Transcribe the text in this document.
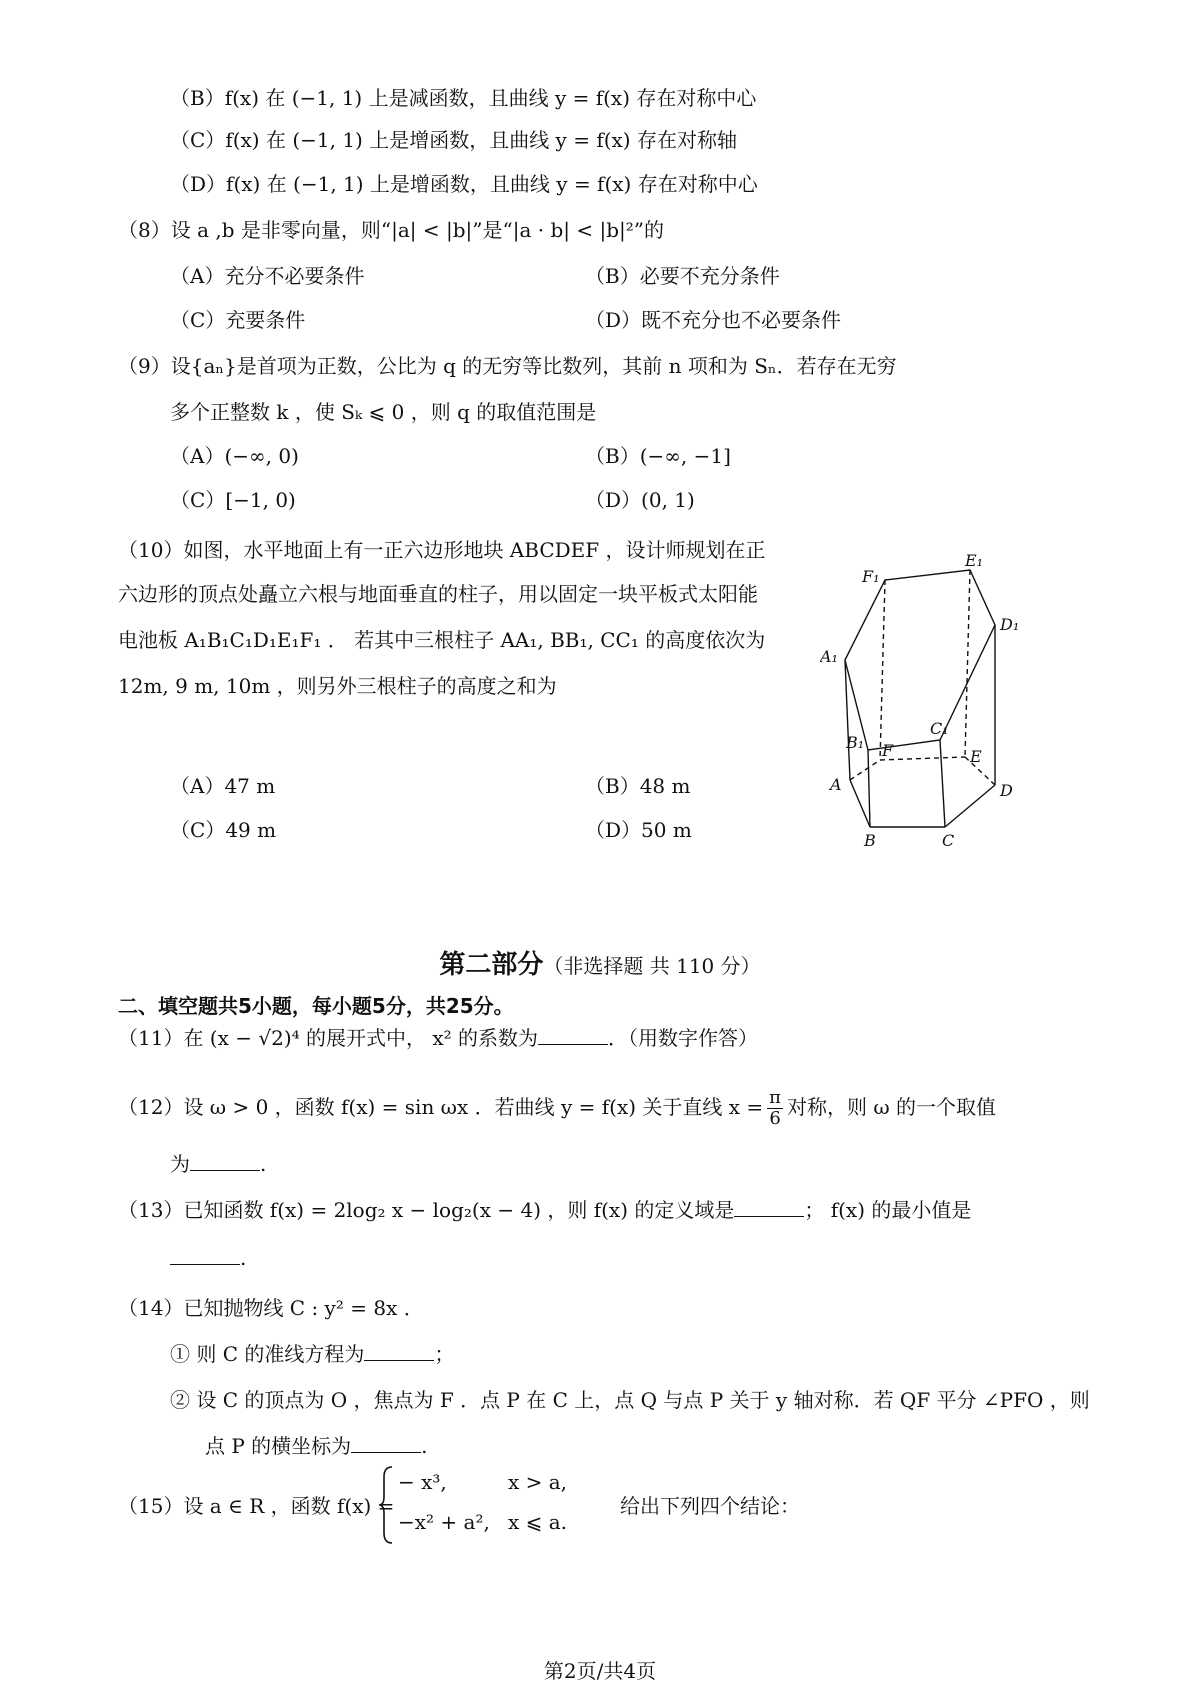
（B）f(x) 在 (−1, 1) 上是减函数，且曲线 y = f(x) 存在对称中心
（C）f(x) 在 (−1, 1) 上是增函数，且曲线 y = f(x) 存在对称轴
（D）f(x) 在 (−1, 1) 上是增函数，且曲线 y = f(x) 存在对称中心
（8）设 a ,b 是非零向量，则“|a| < |b|”是“|a · b| < |b|²”的
（A）充分不必要条件	（B）必要不充分条件
（C）充要条件	（D）既不充分也不必要条件
（9）设{aₙ}是首项为正数，公比为 q 的无穷等比数列，其前 n 项和为 Sₙ．若存在无穷
多个正整数 k ，使 Sₖ ⩽ 0 ，则 q 的取值范围是
（A）(−∞, 0)	（B）(−∞, −1]
（C）[−1, 0)	（D）(0, 1)
（10）如图，水平地面上有一正六边形地块 ABCDEF ，设计师规划在正
六边形的顶点处矗立六根与地面垂直的柱子，用以固定一块平板式太阳能
电池板 A₁B₁C₁D₁E₁F₁ ． 若其中三根柱子 AA₁, BB₁, CC₁ 的高度依次为
12m, 9 m, 10m ，则另外三根柱子的高度之和为
F₁
E₁
D₁
A₁
B₁
C₁
F	E
A	D
B	C
（A）47 m	（B）48 m
（C）49 m	（D）50 m
第二部分（非选择题 共 110 分）
二、填空题共5小题，每小题5分，共25分。
（11）在 (x − √2)⁴ 的展开式中， x² 的系数为	．（用数字作答）
（12）设 ω > 0 ，函数 f(x) = sin ωx ．若曲线 y = f(x) 关于直线 $x = \frac{\pi}{6}$ 对称，则 ω 的一个取值
为	.
（13）已知函数 f(x) = 2log₂ x − log₂(x − 4) ，则 f(x) 的定义域是	； f(x) 的最小值是
.
（14）已知抛物线 C : y² = 8x ．
① 则 C 的准线方程为	；
② 设 C 的顶点为 O ，焦点为 F ．点 P 在 C 上，点 Q 与点 P 关于 y 轴对称．若 QF 平分 ∠PFO ，则
点 P 的横坐标为	.
（15）设 a ∈ R ，函数 f(x) =
− x³,	x > a,
−x² + a², x ⩽ a.
给出下列四个结论：
第2页/共4页
